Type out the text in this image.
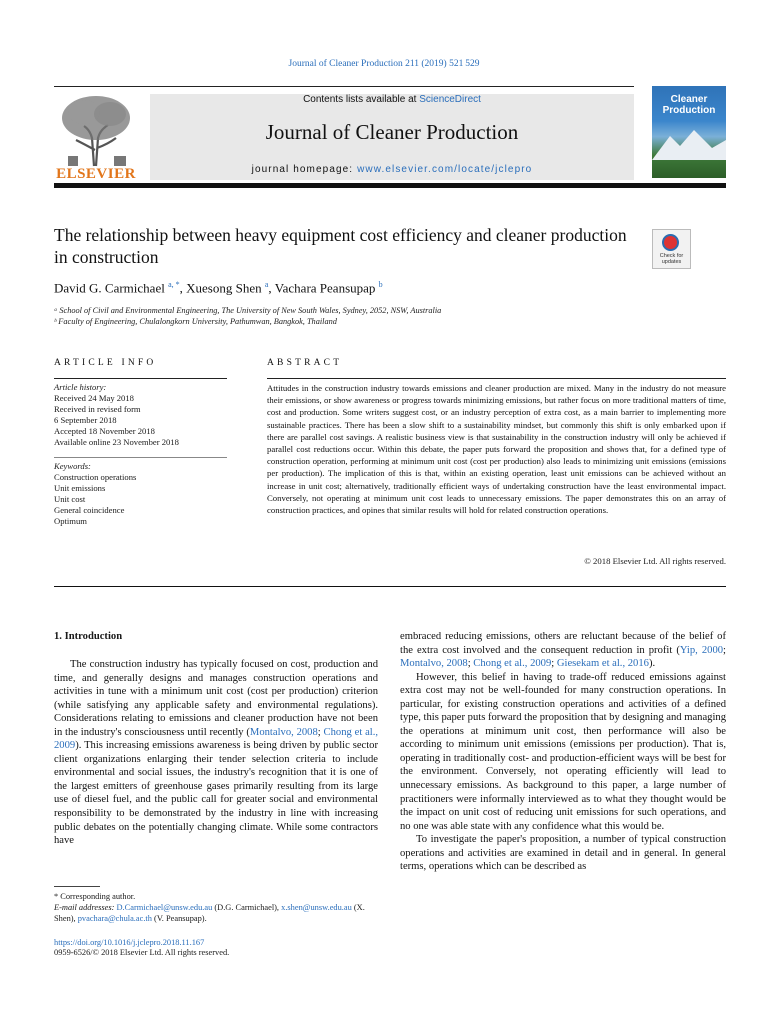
Journal of Cleaner Production 211 (2019) 521 529
ELSEVIER
Contents lists available at ScienceDirect
Journal of Cleaner Production
journal homepage: www.elsevier.com/locate/jclepro
Cleaner
Production
The relationship between heavy equipment cost efficiency and cleaner production in construction	Check for
updates
David G. Carmichael $^{a, *}$, Xuesong Shen $^a$, Vachara Peansupap $^b$
ᵃ School of Civil and Environmental Engineering, The University of New South Wales, Sydney, 2052, NSW, Australia
ᵇ Faculty of Engineering, Chulalongkorn University, Pathumwan, Bangkok, Thailand
ARTICLE INFO	ABSTRACT
Article history:
Received 24 May 2018
Received in revised form
6 September 2018
Accepted 18 November 2018
Available online 23 November 2018
Keywords:
Construction operations
Unit emissions
Unit cost
General coincidence
Optimum
Attitudes in the construction industry towards emissions and cleaner production are mixed. Many in the industry do not measure their emissions, or show awareness or progress towards minimizing emissions, but rather focus on more traditional matters of time, cost and production. Some writers suggest cost, or an industry perception of extra cost, as a main barrier to implementing more sustainable practices. There has been a slow shift to a sustainability mindset, but commonly this shift is only embarked upon if there are parallel cost savings. A realistic business view is that sustainability in the construction industry will only be achieved if parallel cost reductions occur. Within this debate, the paper puts forward the proposition and shows that, for a defined type of construction operation, performing at minimum unit cost (cost per production) also leads to minimizing unit emissions (emissions per production). The implication of this is that, within an existing operation, least unit emissions can be achieved without an increase in unit cost; alternatively, traditionally efficient ways of undertaking construction have the least environmental impact. Conversely, not operating at minimum unit cost leads to unnecessary emissions. The paper demonstrates this on an array of construction practices, and opines that similar results will hold for related construction operations.
© 2018 Elsevier Ltd. All rights reserved.
1. Introduction

The construction industry has typically focused on cost, production and time, and generally designs and manages construction operations and activities in tune with a minimum unit cost (cost per production) criterion (while satisfying any applicable safety and environmental regulations). Considerations relating to emissions and cleaner production have not been in the industry's consciousness until recently (Montalvo, 2008; Chong et al., 2009). This increasing emissions awareness is being driven by public sector client organizations enlarging their tender selection criteria to include environmental and social issues, the industry's recognition that it is one of the largest emitters of greenhouse gases primarily resulting from its large use of diesel fuel, and the public call for greater social and environmental responsibility to be demonstrated by the industry in line with increasing public debates on the potentially changing climate. While some contractors have

embraced reducing emissions, others are reluctant because of the belief of the extra cost involved and the consequent reduction in profit (Yip, 2000; Montalvo, 2008; Chong et al., 2009; Giesekam et al., 2016).

However, this belief in having to trade-off reduced emissions against extra cost may not be well-founded for many construction operations. In particular, for existing construction operations and activities of a defined type, this paper puts forward the proposition that by designing and managing the operations at minimum unit cost, then performance will also be according to minimum unit emissions (emissions per production). That is, operating in traditionally cost- and production-efficient ways will be best for the environment. Conversely, not operating efficiently will lead to unnecessary emissions. As background to this paper, a large number of practitioners were informally interviewed as to what they thought would be the impact on unit cost of reducing unit emissions for such operations, and no one was able state with any confidence what this would be.

To investigate the paper's proposition, a number of typical construction operations and activities are examined in detail and in general. In general terms, operations which can be described as

* Corresponding author.
E-mail addresses: D.Carmichael@unsw.edu.au (D.G. Carmichael), x.shen@unsw.edu.au (X. Shen), pvachara@chula.ac.th (V. Peansupap).
https://doi.org/10.1016/j.jclepro.2018.11.167
0959-6526/© 2018 Elsevier Ltd. All rights reserved.
